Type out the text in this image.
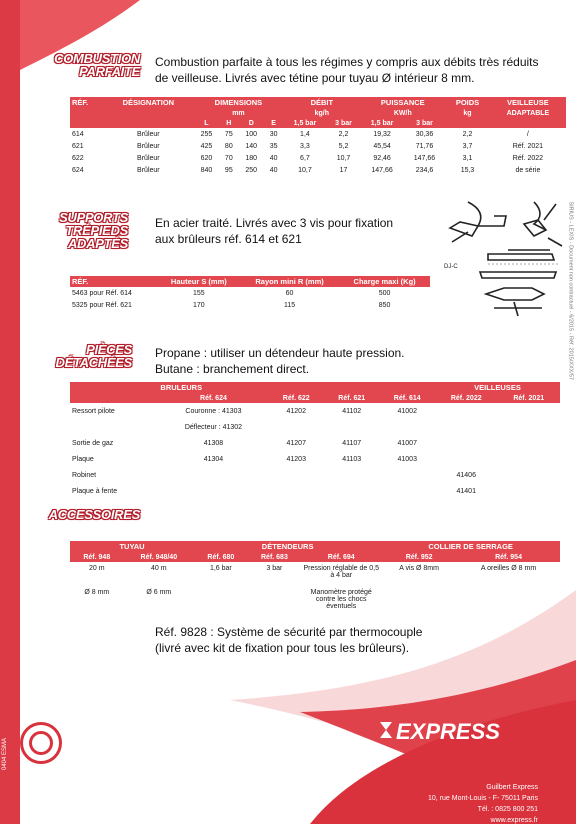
COMBUSTION PARFAITE
Combustion parfaite à tous les régimes y compris aux débits très réduits de veilleuse. Livrés avec tétine pour tuyau Ø intérieur 8 mm.
RÉF.	DÉSIGNATION	DIMENSIONS				DÉBIT		PUISSANCE		POIDS	VEILLEUSE
		mm				kg/h		KW/h		kg	ADAPTABLE
		L	H	D	E	1,5 bar	3 bar	1,5 bar	3 bar		
614	Brûleur	255	75	100	30	1,4	2,2	19,32	30,36	2,2	/
621	Brûleur	425	80	140	35	3,3	5,2	45,54	71,76	3,7	Réf. 2021
622	Brûleur	620	70	180	40	6,7	10,7	92,46	147,66	3,1	Réf. 2022
624	Brûleur	840	95	250	40	10,7	17	147,66	234,6	15,3	de série
SUPPORTS
TRÉPIEDS
ADAPTÉS
En acier traité. Livrés avec 3 vis pour fixation
aux brûleurs réf. 614 et 621
DJ-C
RÉF.	Hauteur S (mm)	Rayon mini R (mm)	Charge maxi (Kg)
5463 pour Réf. 614	155	60	500
5325 pour Réf. 621	170	115	850
PIÈCES
DÉTACHÉES
Propane : utiliser un détendeur haute pression.
Butane : branchement direct.
	BRULEURS				VEILLEUSES	
	Réf. 624	Réf. 622	Réf. 621	Réf. 614	Réf. 2022	Réf. 2021
Ressort pilote	Couronne : 41303	41202	41102	41002		
	Déflecteur : 41302					
Sortie de gaz	41308	41207	41107	41007		
Plaque	41304	41203	41103	41003		
Robinet					41406	
Plaque à fente					41401	
ACCESSOIRES
TUYAU		DÉTENDEURS			COLLIER DE SERRAGE	
Réf. 948	Réf. 948/40	Réf. 680	Réf. 683	Réf. 694	Réf. 952	Réf. 954
20 m	40 m	1,6 bar	3 bar	Pression réglable de 0,5 à 4 bar	A vis Ø 8mm	A oreilles Ø 8 mm
Ø 8 mm	Ø 6 mm			Manomètre protégé contre les chocs éventuels		
Réf. 9828 : Système de sécurité par thermocouple
(livré avec kit de fixation pour tous les brûleurs).
EXPRESS
Guilbert Express
10, rue Mont-Louis - F- 75011 Paris
Tél. : 0825 800 251
www.express.fr
info@express.fr
SIRIUS - LEXIS - Document non contractuel - 6/2015 - Réf. 2015/XXX/57
0404 ESMA
